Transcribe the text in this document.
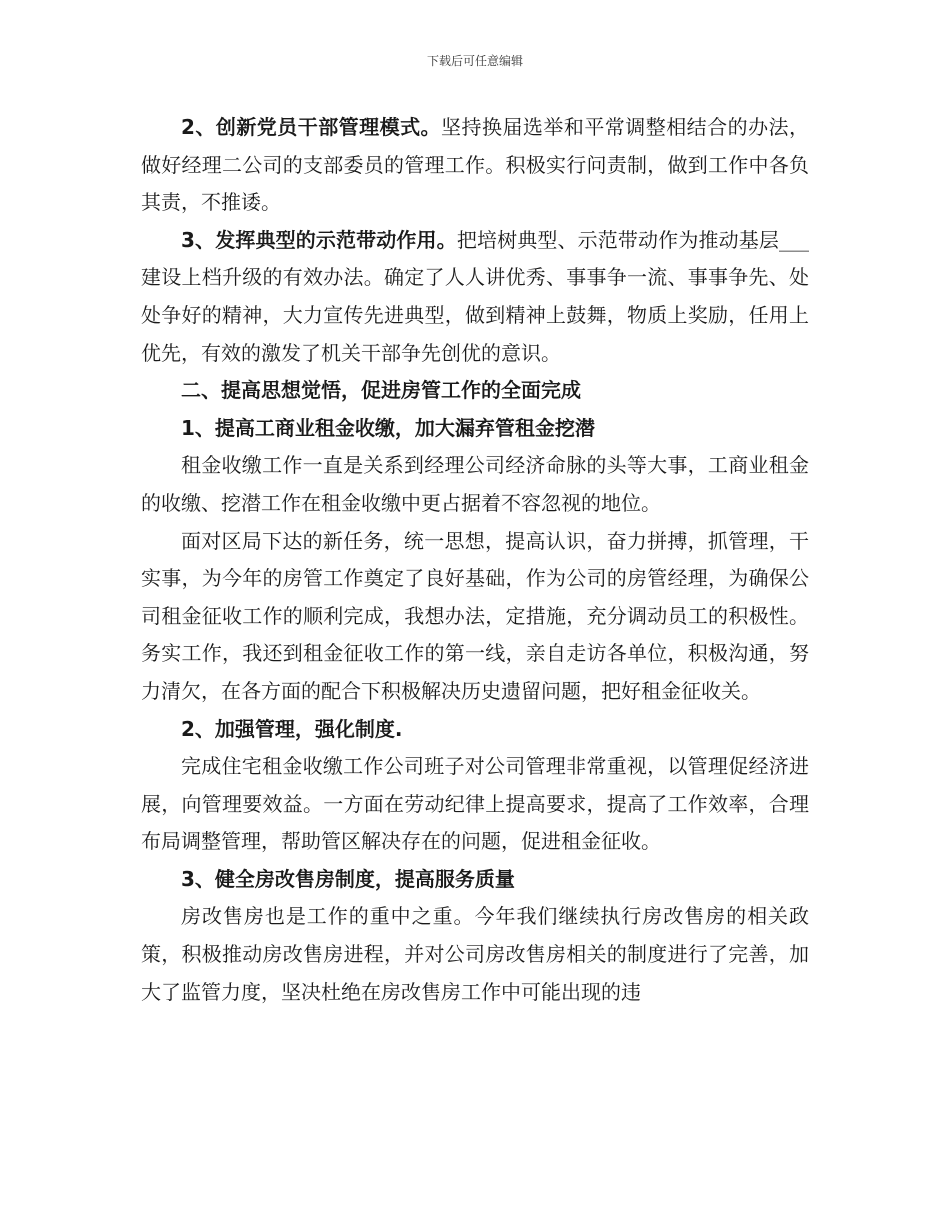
下载后可任意编辑

2、创新党员干部管理模式。坚持换届选举和平常调整相结合的办法，做好经理二公司的支部委员的管理工作。积极实行问责制，做到工作中各负其责，不推诿。

3、发挥典型的示范带动作用。把培树典型、示范带动作为推动基层___建设上档升级的有效办法。确定了人人讲优秀、事事争一流、事事争先、处处争好的精神，大力宣传先进典型，做到精神上鼓舞，物质上奖励，任用上优先，有效的激发了机关干部争先创优的意识。

二、提高思想觉悟，促进房管工作的全面完成

1、提高工商业租金收缴，加大漏弃管租金挖潜

租金收缴工作一直是关系到经理公司经济命脉的头等大事，工商业租金的收缴、挖潜工作在租金收缴中更占据着不容忽视的地位。

面对区局下达的新任务，统一思想，提高认识，奋力拼搏，抓管理，干实事，为今年的房管工作奠定了良好基础，作为公司的房管经理，为确保公司租金征收工作的顺利完成，我想办法，定措施，充分调动员工的积极性。务实工作，我还到租金征收工作的第一线，亲自走访各单位，积极沟通，努力清欠，在各方面的配合下积极解决历史遗留问题，把好租金征收关。

2、加强管理，强化制度.

完成住宅租金收缴工作公司班子对公司管理非常重视，以管理促经济进展，向管理要效益。一方面在劳动纪律上提高要求，提高了工作效率，合理布局调整管理，帮助管区解决存在的问题，促进租金征收。

3、健全房改售房制度，提高服务质量

房改售房也是工作的重中之重。今年我们继续执行房改售房的相关政策，积极推动房改售房进程，并对公司房改售房相关的制度进行了完善，加大了监管力度，坚决杜绝在房改售房工作中可能出现的违
